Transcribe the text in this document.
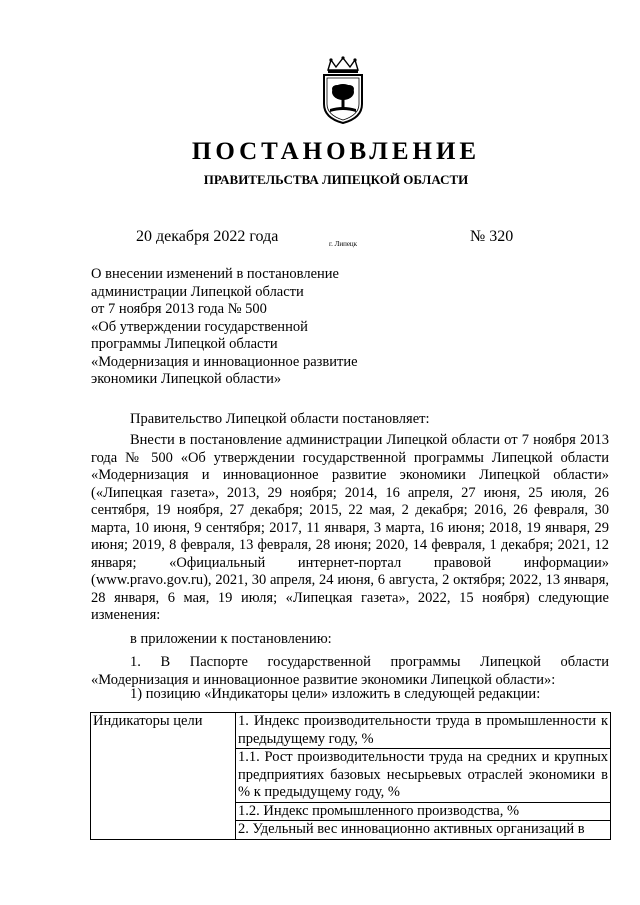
ПОСТАНОВЛЕНИЕ
ПРАВИТЕЛЬСТВА ЛИПЕЦКОЙ ОБЛАСТИ
20 декабря 2022 года	г. Липецк	№ 320
О внесении изменений в постановление
администрации Липецкой области
от 7 ноября 2013 года № 500
«Об утверждении государственной
программы Липецкой области
«Модернизация и инновационное развитие
экономики Липецкой области»
Правительство Липецкой области постановляет:
Внести в постановление администрации Липецкой области от 7 ноября 2013 года № 500 «Об утверждении государственной программы Липецкой области «Модернизация и инновационное развитие экономики Липецкой области» («Липецкая газета», 2013, 29 ноября; 2014, 16 апреля, 27 июня, 25 июля, 26 сентября, 19 ноября, 27 декабря; 2015, 22 мая, 2 декабря; 2016, 26 февраля, 30 марта, 10 июня, 9 сентября; 2017, 11 января, 3 марта, 16 июня; 2018, 19 января, 29 июня; 2019, 8 февраля, 13 февраля, 28 июня; 2020, 14 февраля, 1 декабря; 2021, 12 января; «Официальный интернет-портал правовой информации» (www.pravo.gov.ru), 2021, 30 апреля, 24 июня, 6 августа, 2 октября; 2022, 13 января, 28 января, 6 мая, 19 июля; «Липецкая газета», 2022, 15 ноября) следующие изменения:
в приложении к постановлению:
1. В Паспорте государственной программы Липецкой области «Модернизация и инновационное развитие экономики Липецкой области»:
1) позицию «Индикаторы цели» изложить в следующей редакции:
Индикаторы цели	1. Индекс производительности труда в промышленности к предыдущему году, %
1.1. Рост производительности труда на средних и крупных предприятиях базовых несырьевых отраслей экономики в % к предыдущему году, %
1.2. Индекс промышленного производства, %
2. Удельный вес инновационно активных организаций в
